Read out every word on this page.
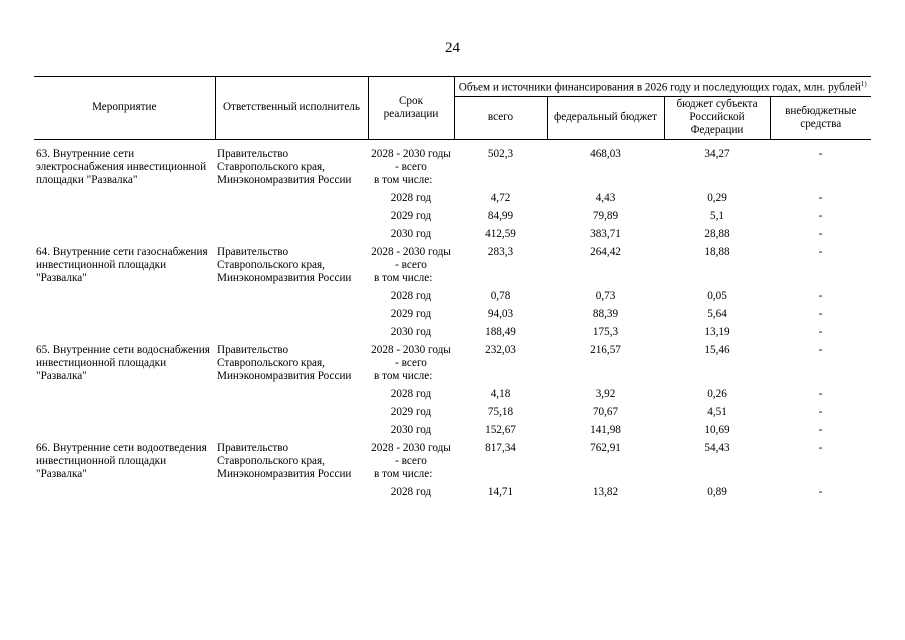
24
Мероприятие	Ответственный исполнитель	Срок реализации	Объем и источники финансирования в 2026 году и последующих годах, млн. рублей$^{1)}$
			всего	федеральный бюджет	бюджет субъекта Российской Федерации	внебюджетные средства

63. Внутренние сети электроснабжения инвестиционной площадки "Развалка"	Правительство Ставропольского края, Минэкономразвития России	2028 - 2030 годы - всего	502,3	468,03	34,27	-
		в том числе:				
		2028 год	4,72	4,43	0,29	-
		2029 год	84,99	79,89	5,1	-
		2030 год	412,59	383,71	28,88	-
64. Внутренние сети газоснабжения инвестиционной площадки "Развалка"	Правительство Ставропольского края, Минэкономразвития России	2028 - 2030 годы - всего	283,3	264,42	18,88	-
		в том числе:				
		2028 год	0,78	0,73	0,05	-
		2029 год	94,03	88,39	5,64	-
		2030 год	188,49	175,3	13,19	-
65. Внутренние сети водоснабжения инвестиционной площадки "Развалка"	Правительство Ставропольского края, Минэкономразвития России	2028 - 2030 годы - всего	232,03	216,57	15,46	-
		в том числе:				
		2028 год	4,18	3,92	0,26	-
		2029 год	75,18	70,67	4,51	-
		2030 год	152,67	141,98	10,69	-
66. Внутренние сети водоотведения инвестиционной площадки "Развалка"	Правительство Ставропольского края, Минэкономразвития России	2028 - 2030 годы - всего	817,34	762,91	54,43	-
		в том числе:				
		2028 год	14,71	13,82	0,89	-
